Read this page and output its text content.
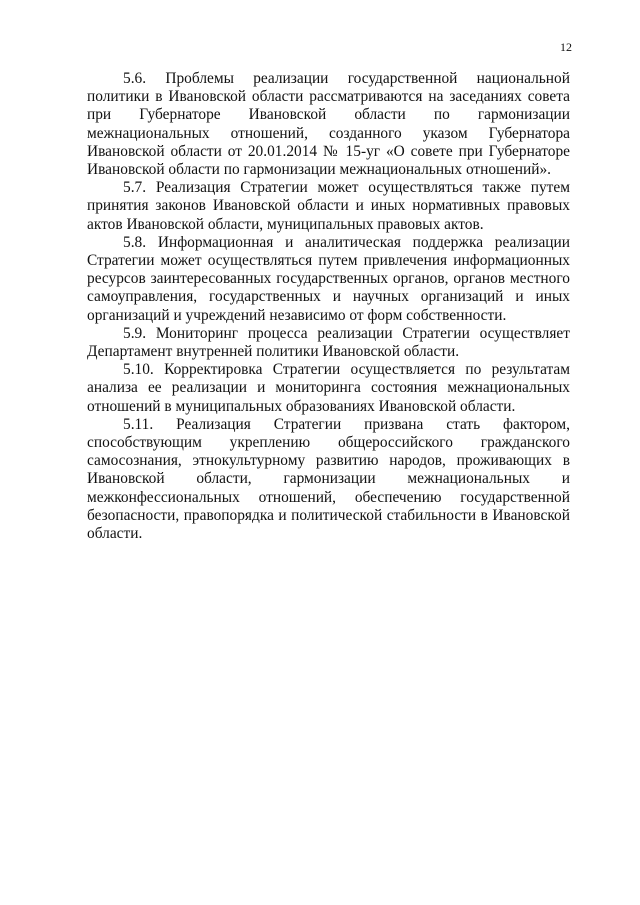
12

5.6. Проблемы реализации государственной национальной политики в Ивановской области рассматриваются на заседаниях совета при Губернаторе Ивановской области по гармонизации межнациональных отношений, созданного указом Губернатора Ивановской области от 20.01.2014 № 15-уг «О совете при Губернаторе Ивановской области по гармонизации межнациональных отношений».

5.7. Реализация Стратегии может осуществляться также путем принятия законов Ивановской области и иных нормативных правовых актов Ивановской области, муниципальных правовых актов.

5.8. Информационная и аналитическая поддержка реализации Стратегии может осуществляться путем привлечения информационных ресурсов заинтересованных государственных органов, органов местного самоуправления, государственных и научных организаций и иных организаций и учреждений независимо от форм собственности.

5.9. Мониторинг процесса реализации Стратегии осуществляет Департамент внутренней политики Ивановской области.

5.10. Корректировка Стратегии осуществляется по результатам анализа ее реализации и мониторинга состояния межнациональных отношений в муниципальных образованиях Ивановской области.

5.11. Реализация Стратегии призвана стать фактором, способствующим укреплению общероссийского гражданского самосознания, этнокультурному развитию народов, проживающих в Ивановской области, гармонизации межнациональных и межконфессиональных отношений, обеспечению государственной безопасности, правопорядка и политической стабильности в Ивановской области.
